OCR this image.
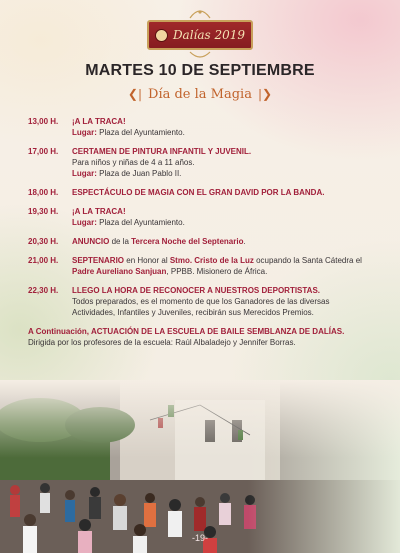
Dalías 2019
MARTES 10 DE SEPTIEMBRE
❮| Día de la Magia |❯
13,00 H.	¡A LA TRACA!
Lugar: Plaza del Ayuntamiento.
17,00 H.	CERTAMEN DE PINTURA INFANTIL Y JUVENIL.
Para niños y niñas de 4 a 11 años.
Lugar: Plaza de Juan Pablo II.
18,00 H.	ESPECTÁCULO DE MAGIA CON EL GRAN DAVID POR LA BANDA.
19,30 H.	¡A LA TRACA!
Lugar: Plaza del Ayuntamiento.
20,30 H.	ANUNCIO de la Tercera Noche del Septenario.
21,00 H.	SEPTENARIO en Honor al Stmo. Cristo de la Luz ocupando la Santa Cátedra el Padre Aureliano Sanjuan, PPBB. Misionero de África.
22,30 H.	LLEGO LA HORA DE RECONOCER A NUESTROS DEPORTISTAS.
Todos preparados, es el momento de que los Ganadores de las diversas Actividades, Infantiles y Juveniles, recibirán sus Merecidos Premios.
A Continuación, ACTUACIÓN DE LA ESCUELA DE BAILE SEMBLANZA DE DALÍAS. Dirigida por los profesores de la escuela: Raúl Albaladejo y Jennifer Borras.
-19-
